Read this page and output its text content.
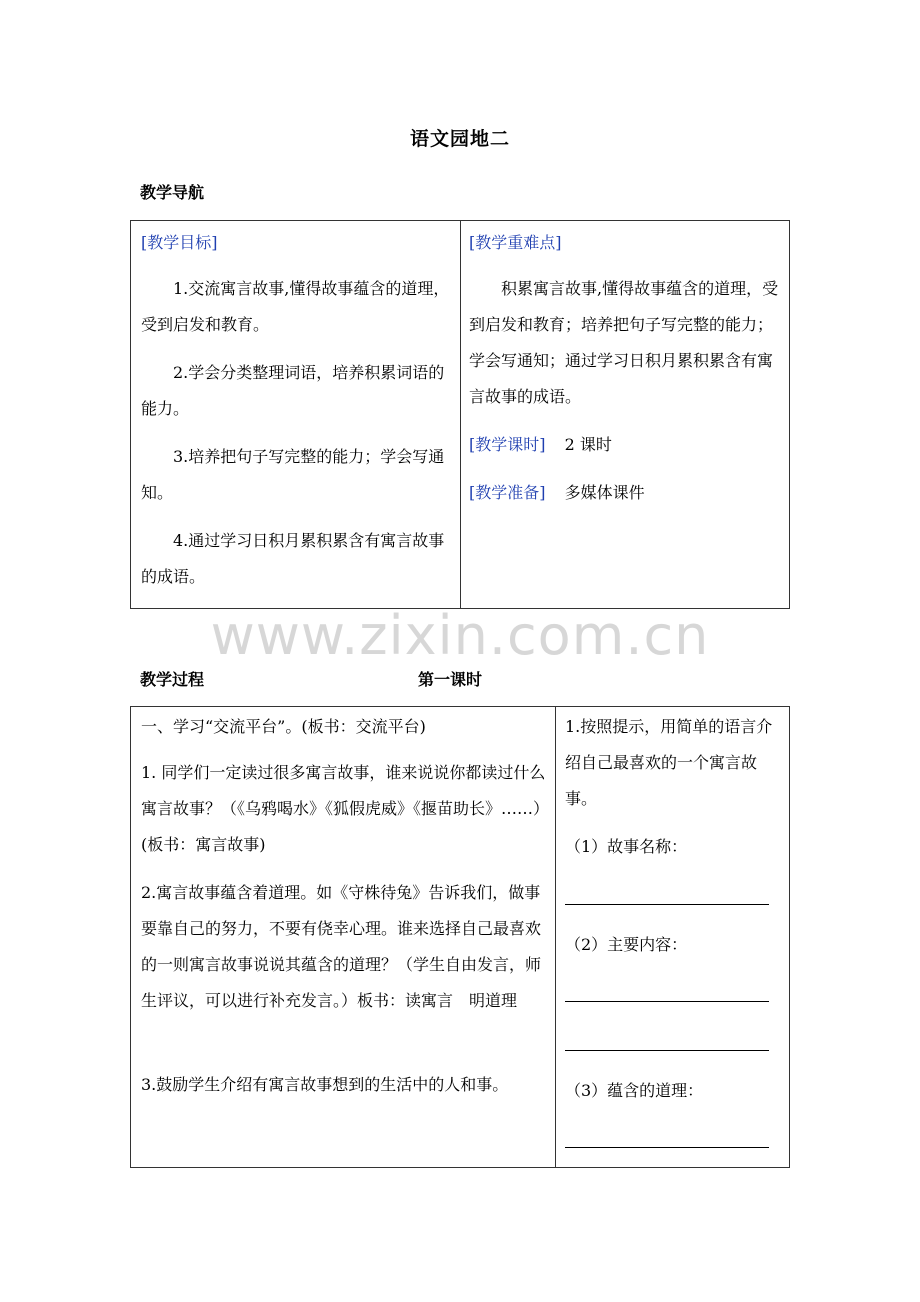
语文园地二
教学导航
[教学目标]
1.交流寓言故事,懂得故事蕴含的道理，受到启发和教育。
2.学会分类整理词语，培养积累词语的能力。
3.培养把句子写完整的能力；学会写通知。
4.通过学习日积月累积累含有寓言故事的成语。
[教学重难点]
积累寓言故事,懂得故事蕴含的道理，受到启发和教育；培养把句子写完整的能力；学会写通知；通过学习日积月累积累含有寓言故事的成语。
[教学课时] 2 课时
[教学准备] 多媒体课件
www.zixin.com.cn
教学过程	第一课时
一、学习“交流平台”。(板书：交流平台)
1. 同学们一定读过很多寓言故事，谁来说说你都读过什么寓言故事？（《乌鸦喝水》《狐假虎威》《揠苗助长》……）(板书：寓言故事)
2.寓言故事蕴含着道理。如《守株待兔》告诉我们，做事要靠自己的努力，不要有侥幸心理。谁来选择自己最喜欢的一则寓言故事说说其蕴含的道理？（学生自由发言，师生评议，可以进行补充发言。）板书：读寓言　明道理
3.鼓励学生介绍有寓言故事想到的生活中的人和事。
1.按照提示，用简单的语言介绍自己最喜欢的一个寓言故事。
（1）故事名称：
（2）主要内容：
（3）蕴含的道理：
